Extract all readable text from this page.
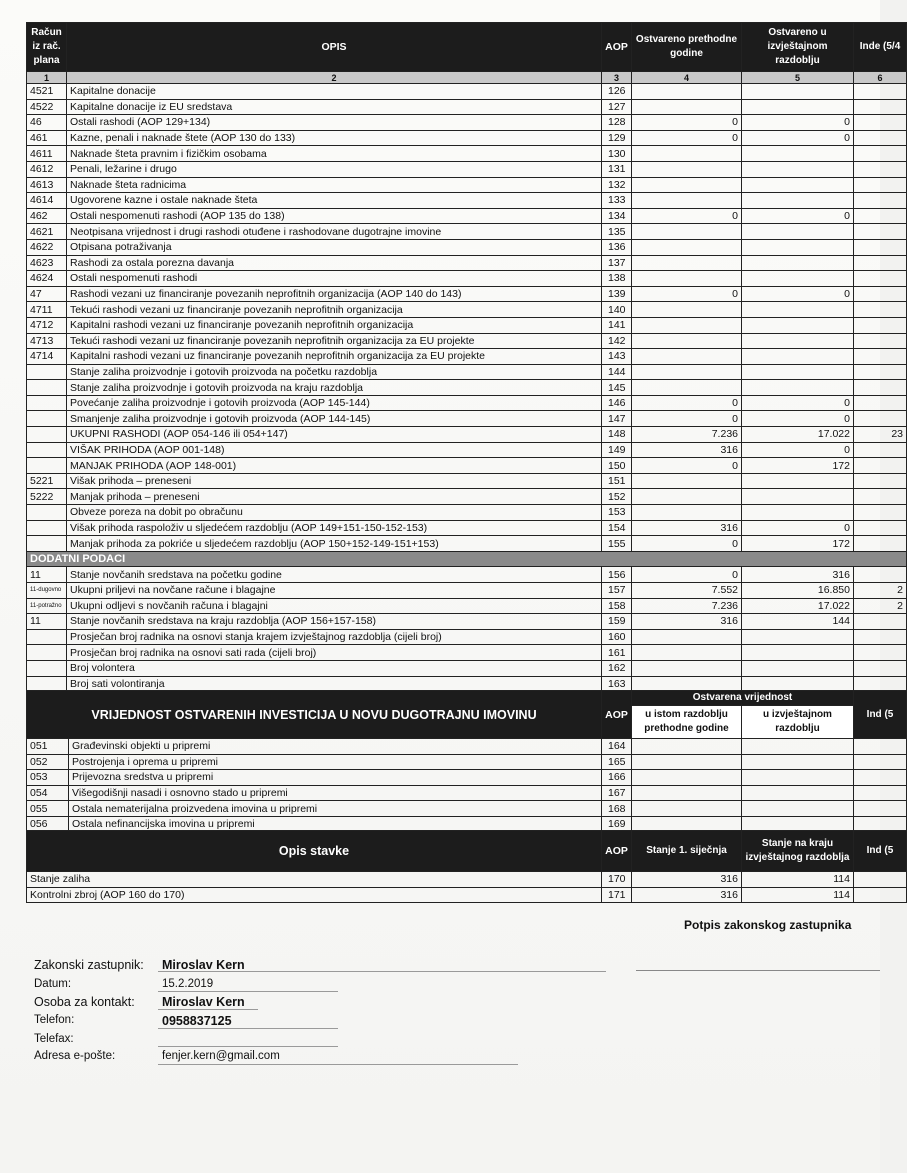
Račun iz rač. plana	OPIS	AOP	Ostvareno prethodne godine	Ostvareno u izvještajnom razdoblju	Inde (5/4
1	2	3	4	5	6
4521	Kapitalne donacije	126			
4522	Kapitalne donacije iz EU sredstava	127			
46	Ostali rashodi (AOP 129+134)	128	0	0	
461	Kazne, penali i naknade štete (AOP 130 do 133)	129	0	0	
4611	Naknade šteta pravnim i fizičkim osobama	130			
4612	Penali, ležarine i drugo	131			
4613	Naknade šteta radnicima	132			
4614	Ugovorene kazne i ostale naknade šteta	133			
462	Ostali nespomenuti rashodi (AOP 135 do 138)	134	0	0	
4621	Neotpisana vrijednost i drugi rashodi otuđene i rashodovane dugotrajne imovine	135			
4622	Otpisana potraživanja	136			
4623	Rashodi za ostala porezna davanja	137			
4624	Ostali nespomenuti rashodi	138			
47	Rashodi vezani uz financiranje povezanih neprofitnih organizacija (AOP 140 do 143)	139	0	0	
4711	Tekući rashodi vezani uz financiranje povezanih neprofitnih organizacija	140			
4712	Kapitalni rashodi vezani uz financiranje povezanih neprofitnih organizacija	141			
4713	Tekući rashodi vezani uz financiranje povezanih neprofitnih organizacija za EU projekte	142			
4714	Kapitalni rashodi vezani uz financiranje povezanih neprofitnih organizacija za EU projekte	143			
	Stanje zaliha proizvodnje i gotovih proizvoda na početku razdoblja	144			
	Stanje zaliha proizvodnje i gotovih proizvoda na kraju razdoblja	145			
	Povećanje zaliha proizvodnje i gotovih proizvoda (AOP 145-144)	146	0	0	
	Smanjenje zaliha proizvodnje i gotovih proizvoda (AOP 144-145)	147	0	0	
	UKUPNI RASHODI (AOP 054-146 ili 054+147)	148	7.236	17.022	23
	VIŠAK PRIHODA (AOP 001-148)	149	316	0	
	MANJAK PRIHODA (AOP 148-001)	150	0	172	
5221	Višak prihoda – preneseni	151			
5222	Manjak prihoda – preneseni	152			
	Obveze poreza na dobit po obračunu	153			
	Višak prihoda raspoloživ u sljedećem razdoblju (AOP 149+151-150-152-153)	154	316	0	
	Manjak prihoda za pokriće u sljedećem razdoblju (AOP 150+152-149-151+153)	155	0	172	
DODATNI PODACI					
11	Stanje novčanih sredstava na početku godine	156	0	316	
11-dugovno	Ukupni priljevi na novčane račune i blagajne	157	7.552	16.850	2
11-potražno	Ukupni odljevi s novčanih računa i blagajni	158	7.236	17.022	2
11	Stanje novčanih sredstava na kraju razdoblja (AOP 156+157-158)	159	316	144	
	Prosječan broj radnika na osnovi stanja krajem izvještajnog razdoblja (cijeli broj)	160			
	Prosječan broj radnika na osnovi sati rada (cijeli broj)	161			
	Broj volontera	162			
	Broj sati volontiranja	163			
VRIJEDNOST OSTVARENIH INVESTICIJA U NOVU DUGOTRAJNU IMOVINU		AOP	Ostvarena vrijednost		Ind (5
			u istom razdoblju prethodne godine	u izvještajnom razdoblju	
051	Građevinski objekti u pripremi	164			
052	Postrojenja i oprema u pripremi	165			
053	Prijevozna sredstva u pripremi	166			
054	Višegodišnji nasadi i osnovno stado u pripremi	167			
055	Ostala nematerijalna proizvedena imovina u pripremi	168			
056	Ostala nefinancijska imovina u pripremi	169			
Opis stavke	AOP	Stanje 1. siječnja	Stanje na kraju izvještajnog razdoblja	Ind (5
Stanje zaliha	170	316	114	
Kontrolni zbroj (AOP 160 do 170)	171	316	114	
Potpis zakonskog zastupnika
Zakonski zastupnik: Miroslav Kern
Datum:	15.2.2019
Osoba za kontakt: Miroslav Kern
Telefon:	0958837125
Telefax:
Adresa e-pošte:	fenjer.kern@gmail.com
